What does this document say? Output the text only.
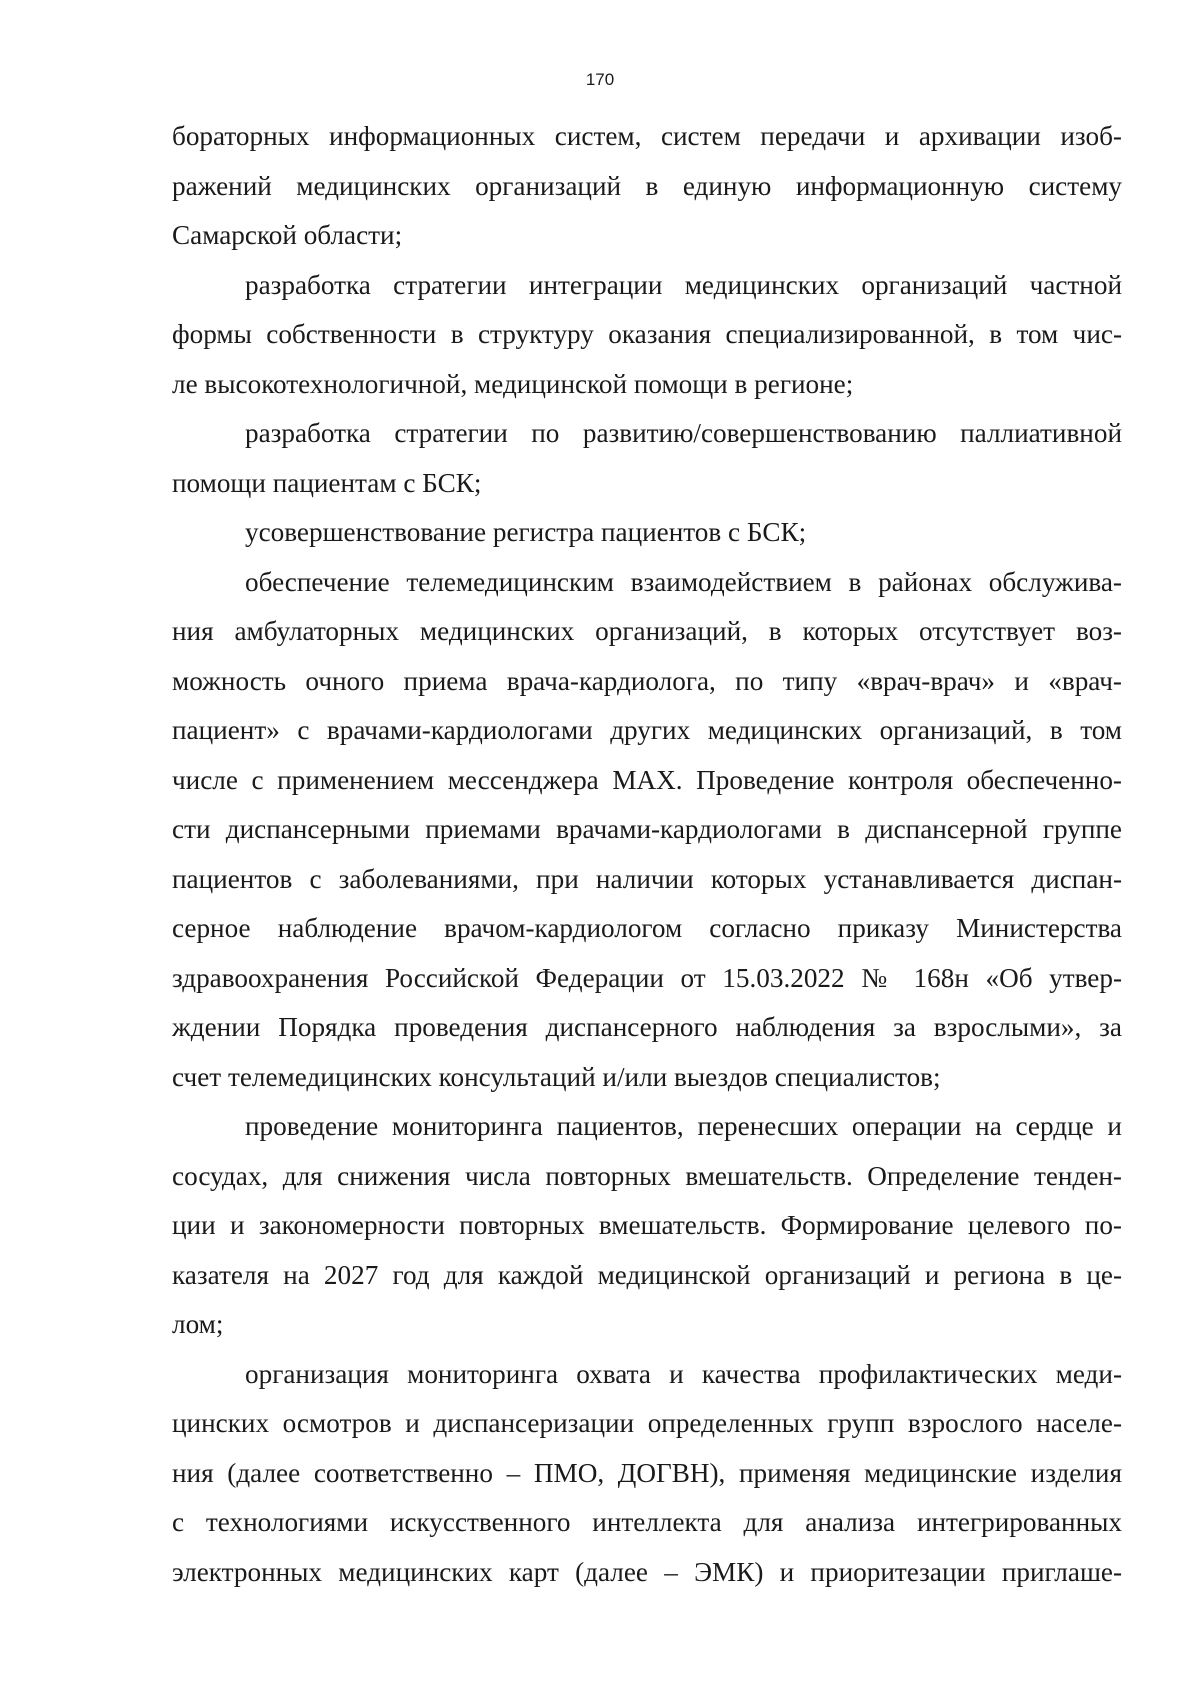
170
бораторных информационных систем, систем передачи и архивации изоб-
ражений медицинских организаций в единую информационную систему
Самарской области;
разработка стратегии интеграции медицинских организаций частной
формы собственности в структуру оказания специализированной, в том чис-
ле высокотехнологичной, медицинской помощи в регионе;
разработка стратегии по развитию/совершенствованию паллиативной
помощи пациентам с БСК;
усовершенствование регистра пациентов с БСК;
обеспечение телемедицинским взаимодействием в районах обслужива-
ния амбулаторных медицинских организаций, в которых отсутствует воз-
можность очного приема врача-кардиолога, по типу «врач-врач» и «врач-
пациент» с врачами-кардиологами других медицинских организаций, в том
числе с применением мессенджера MAX. Проведение контроля обеспеченно-
сти диспансерными приемами врачами-кардиологами в диспансерной группе
пациентов с заболеваниями, при наличии которых устанавливается диспан-
серное наблюдение врачом-кардиологом согласно приказу Министерства
здравоохранения Российской Федерации от 15.03.2022 № 168н «Об утвер-
ждении Порядка проведения диспансерного наблюдения за взрослыми», за
счет телемедицинских консультаций и/или выездов специалистов;
проведение мониторинга пациентов, перенесших операции на сердце и
сосудах, для снижения числа повторных вмешательств. Определение тенден-
ции и закономерности повторных вмешательств. Формирование целевого по-
казателя на 2027 год для каждой медицинской организаций и региона в це-
лом;
организация мониторинга охвата и качества профилактических меди-
цинских осмотров и диспансеризации определенных групп взрослого населе-
ния (далее соответственно – ПМО, ДОГВН), применяя медицинские изделия
с технологиями искусственного интеллекта для анализа интегрированных
электронных медицинских карт (далее – ЭМК) и приоритезации приглаше-
